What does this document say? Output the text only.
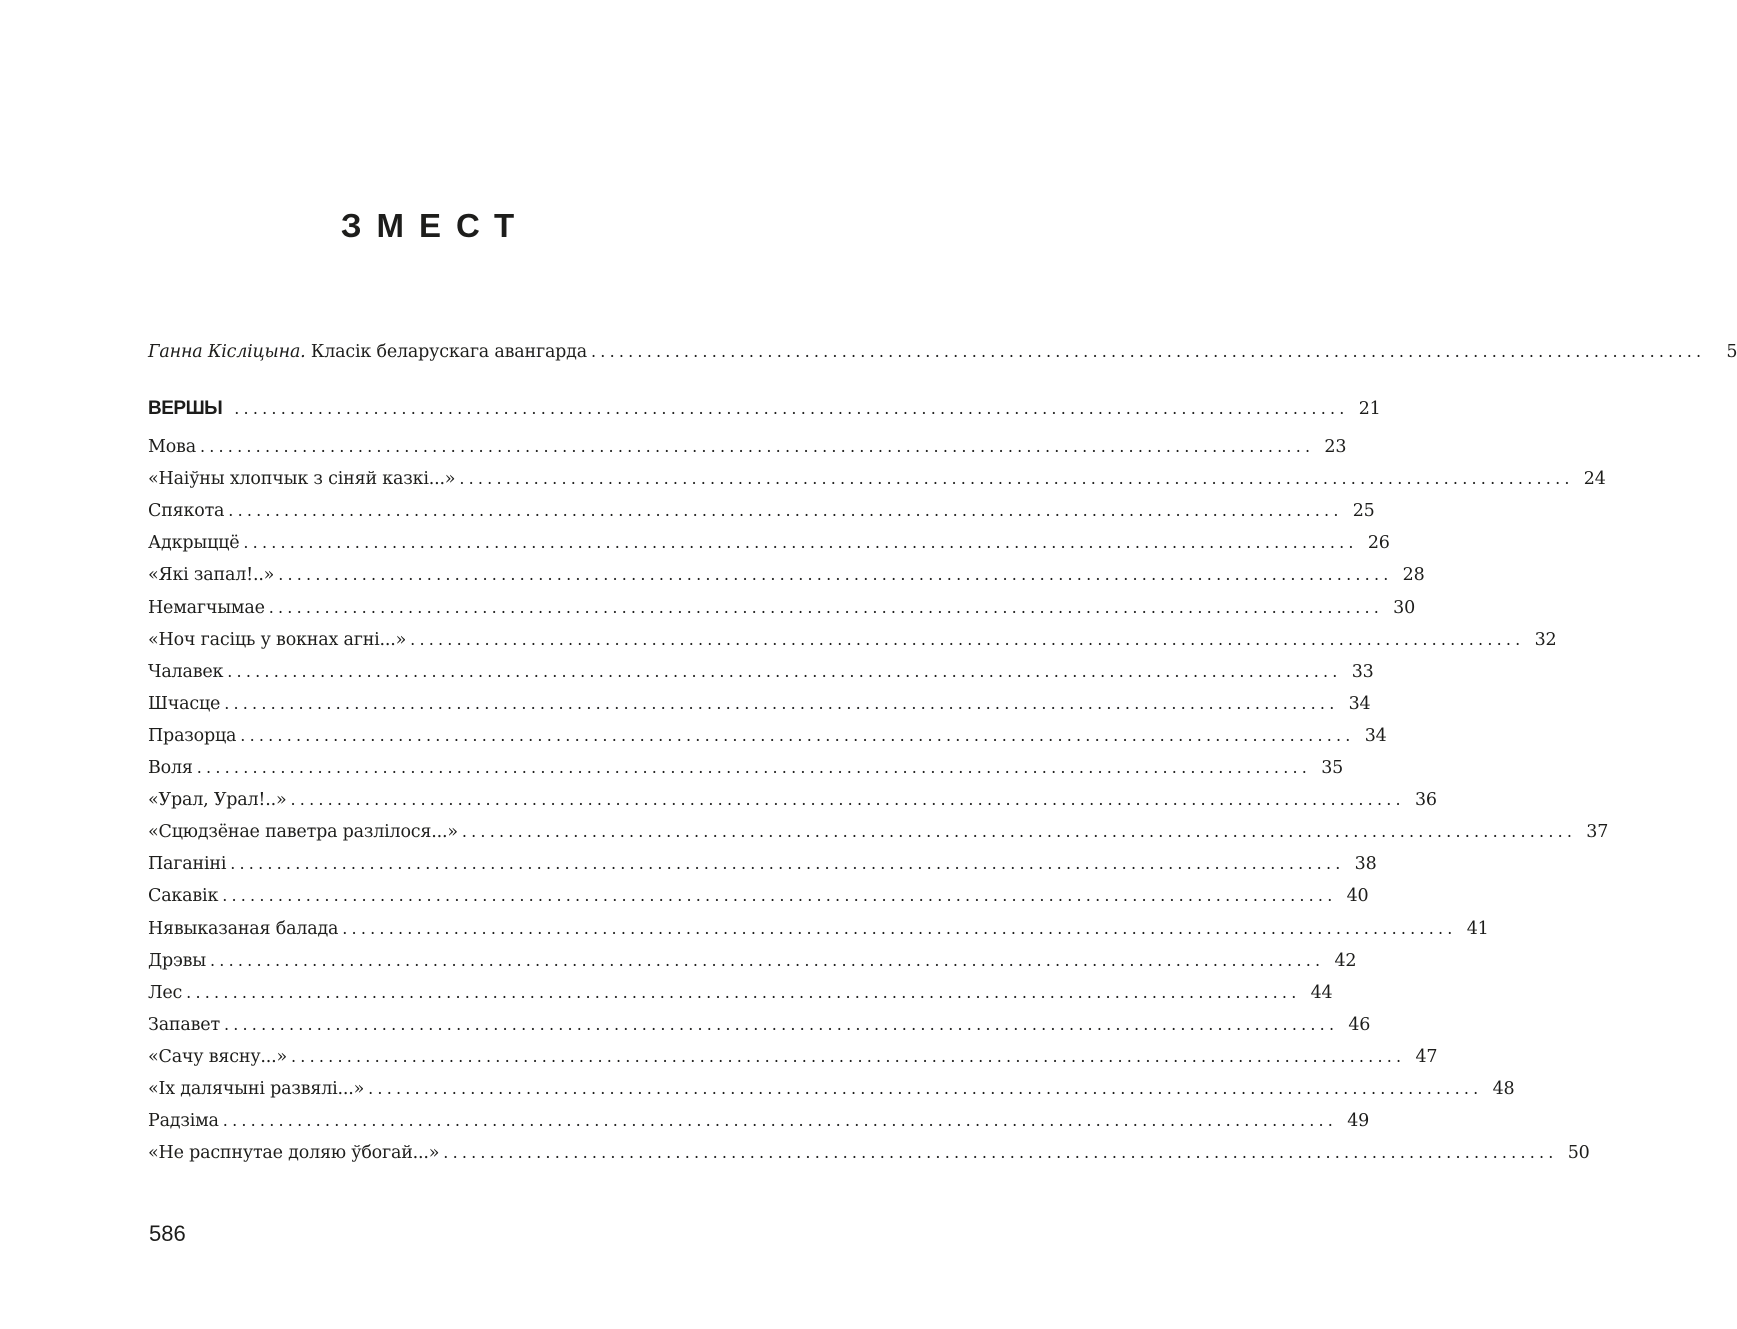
ЗМЕСТ
Ганна Кісліцына. Класік беларускага авангарда ........................................................................................................................	5
ВЕРШЫ ........................................................................................................................ 21
Мова ........................................................................................................................ 23
«Наіўны хлопчык з сіняй казкі...» ........................................................................................................................ 24
Спякота ........................................................................................................................ 25
Адкрыццё ........................................................................................................................ 26
«Які запал!..» ........................................................................................................................ 28
Немагчымае ........................................................................................................................ 30
«Ноч гасіць у вокнах агні...» ........................................................................................................................ 32
Чалавек ........................................................................................................................ 33
Шчасце ........................................................................................................................ 34
Празорца ........................................................................................................................ 34
Воля ........................................................................................................................ 35
«Урал, Урал!..» ........................................................................................................................ 36
«Сцюдзёнае паветра разлілося...» ........................................................................................................................ 37
Паганіні ........................................................................................................................ 38
Сакавік ........................................................................................................................ 40
Нявыказаная балада ........................................................................................................................ 41
Дрэвы ........................................................................................................................ 42
Лес ........................................................................................................................ 44
Запавет ........................................................................................................................ 46
«Сачу вясну...» ........................................................................................................................ 47
«Іх далячыні развялі...» ........................................................................................................................ 48
Радзіма ........................................................................................................................ 49
«Не распнутае доляю ўбогай...» ........................................................................................................................ 50
586
